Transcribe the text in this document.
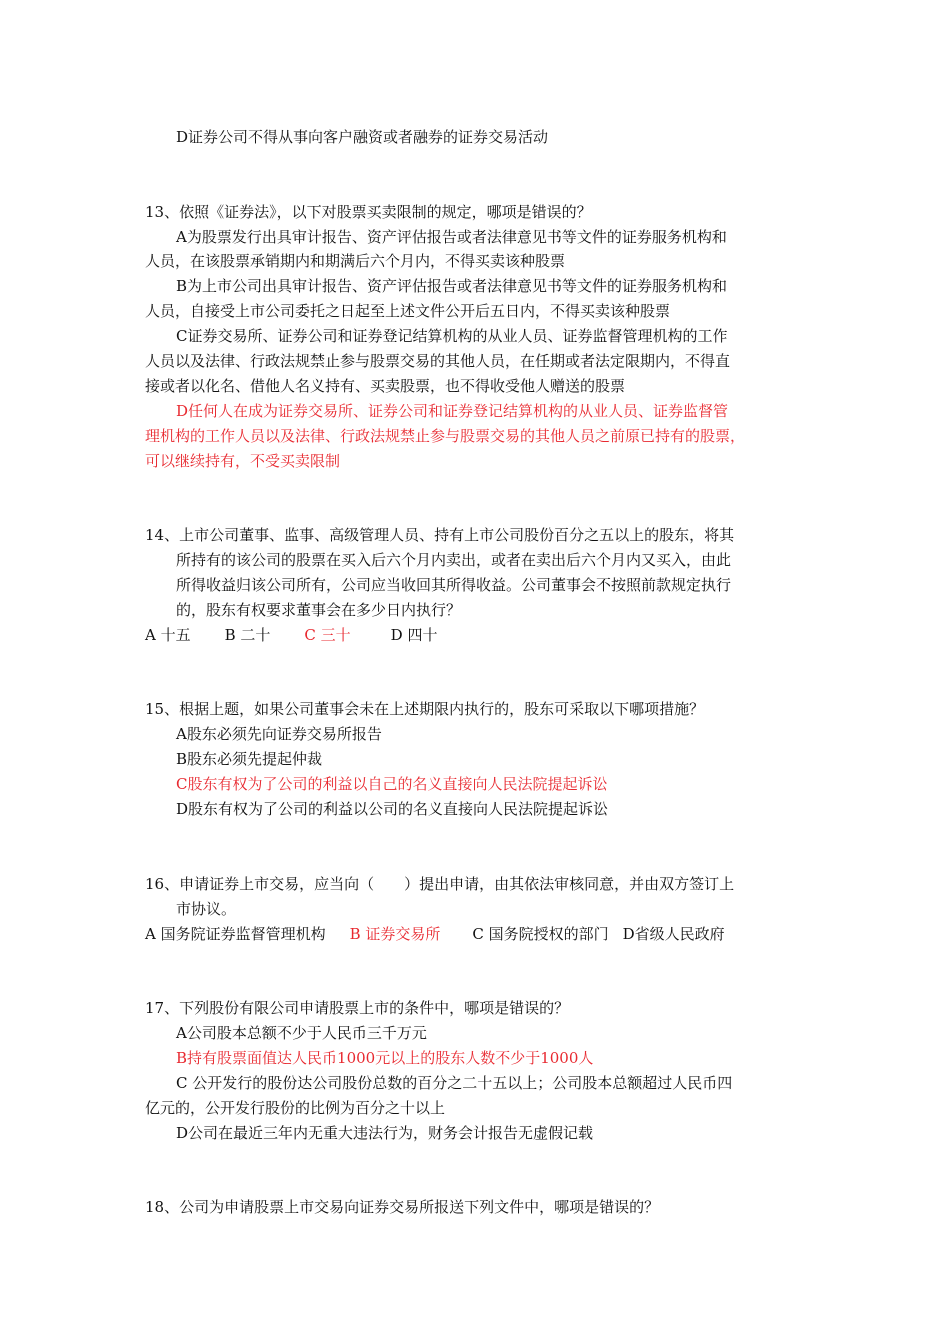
D证券公司不得从事向客户融资或者融券的证券交易活动
13、依照《证券法》，以下对股票买卖限制的规定，哪项是错误的？
A为股票发行出具审计报告、资产评估报告或者法律意见书等文件的证券服务机构和
人员，在该股票承销期内和期满后六个月内，不得买卖该种股票
B为上市公司出具审计报告、资产评估报告或者法律意见书等文件的证券服务机构和
人员，自接受上市公司委托之日起至上述文件公开后五日内，不得买卖该种股票
C证券交易所、证券公司和证券登记结算机构的从业人员、证券监督管理机构的工作
人员以及法律、行政法规禁止参与股票交易的其他人员，在任期或者法定限期内，不得直
接或者以化名、借他人名义持有、买卖股票，也不得收受他人赠送的股票
D任何人在成为证券交易所、证券公司和证券登记结算机构的从业人员、证券监督管
理机构的工作人员以及法律、行政法规禁止参与股票交易的其他人员之前原已持有的股票，
可以继续持有，不受买卖限制
14、上市公司董事、监事、高级管理人员、持有上市公司股份百分之五以上的股东，将其
所持有的该公司的股票在买入后六个月内卖出，或者在卖出后六个月内又买入，由此
所得收益归该公司所有，公司应当收回其所得收益。公司董事会不按照前款规定执行
的，股东有权要求董事会在多少日内执行？
A 十五 B 二十 C 三十	D 四十
15、根据上题，如果公司董事会未在上述期限内执行的，股东可采取以下哪项措施？
A股东必须先向证券交易所报告
B股东必须先提起仲裁
C股东有权为了公司的利益以自己的名义直接向人民法院提起诉讼
D股东有权为了公司的利益以公司的名义直接向人民法院提起诉讼
16、申请证券上市交易，应当向（　　）提出申请，由其依法审核同意，并由双方签订上
市协议。
A 国务院证券监督管理机构 B 证券交易所 C 国务院授权的部门 D省级人民政府
17、下列股份有限公司申请股票上市的条件中，哪项是错误的？
A公司股本总额不少于人民币三千万元
B持有股票面值达人民币1000元以上的股东人数不少于1000人
C 公开发行的股份达公司股份总数的百分之二十五以上；公司股本总额超过人民币四
亿元的，公开发行股份的比例为百分之十以上
D公司在最近三年内无重大违法行为，财务会计报告无虚假记载
18、公司为申请股票上市交易向证券交易所报送下列文件中，哪项是错误的？
